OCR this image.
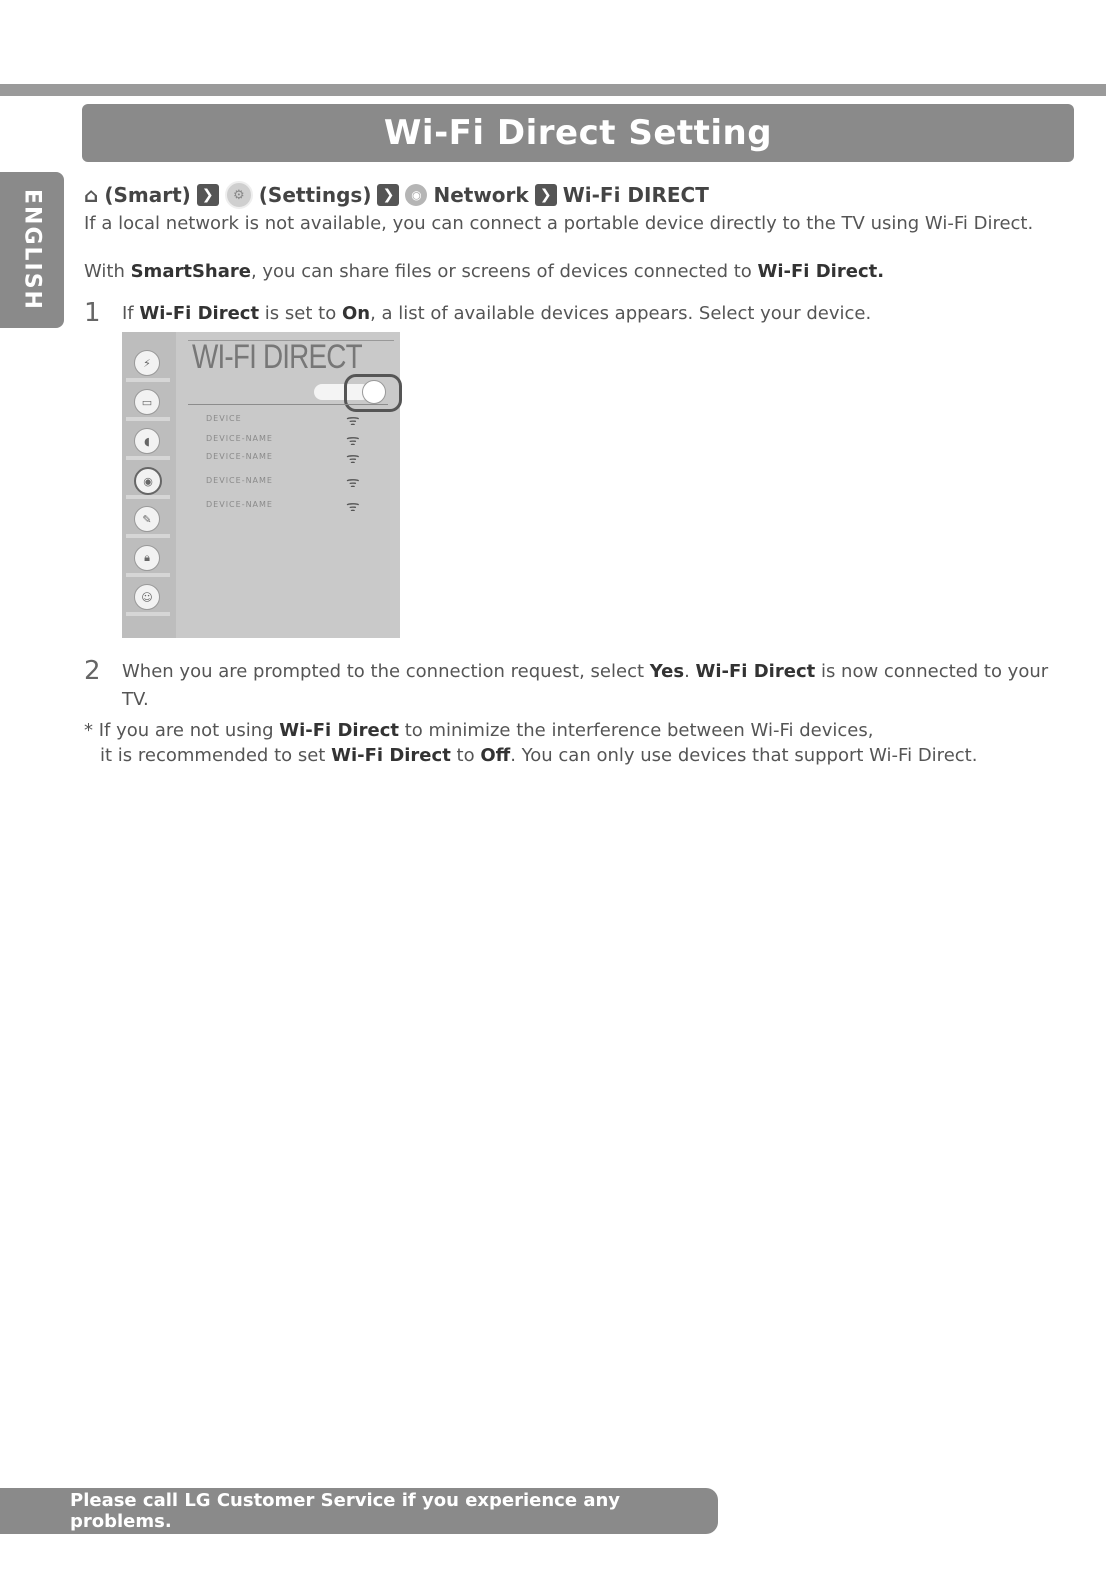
Wi-Fi Direct Setting
ENGLISH ⌂ (Smart) ❯	⚙ (Settings) ❯	◉ Network ❯ Wi-Fi DIRECT
If a local network is not available, you can connect a portable device directly to the TV using Wi-Fi Direct.
With SmartShare, you can share files or screens of devices connected to Wi-Fi Direct.
1 If Wi-Fi Direct is set to On, a list of available devices appears. Select your device.
⚡
▭
◖
◉
✎
🔒︎
☺
WI-FI DIRECT
DEVICE	ᯤ
DEVICE-NAME	ᯤ
DEVICE-NAME	ᯤ
DEVICE-NAME	ᯤ
DEVICE-NAME	ᯤ
2 When you are prompted to the connection request, select Yes. Wi-Fi Direct is now connected to your TV.
* If you are not using Wi-Fi Direct to minimize the interference between Wi-Fi devices,
it is recommended to set Wi-Fi Direct to Off. You can only use devices that support Wi-Fi Direct.
Please call LG Customer Service if you experience any problems.
